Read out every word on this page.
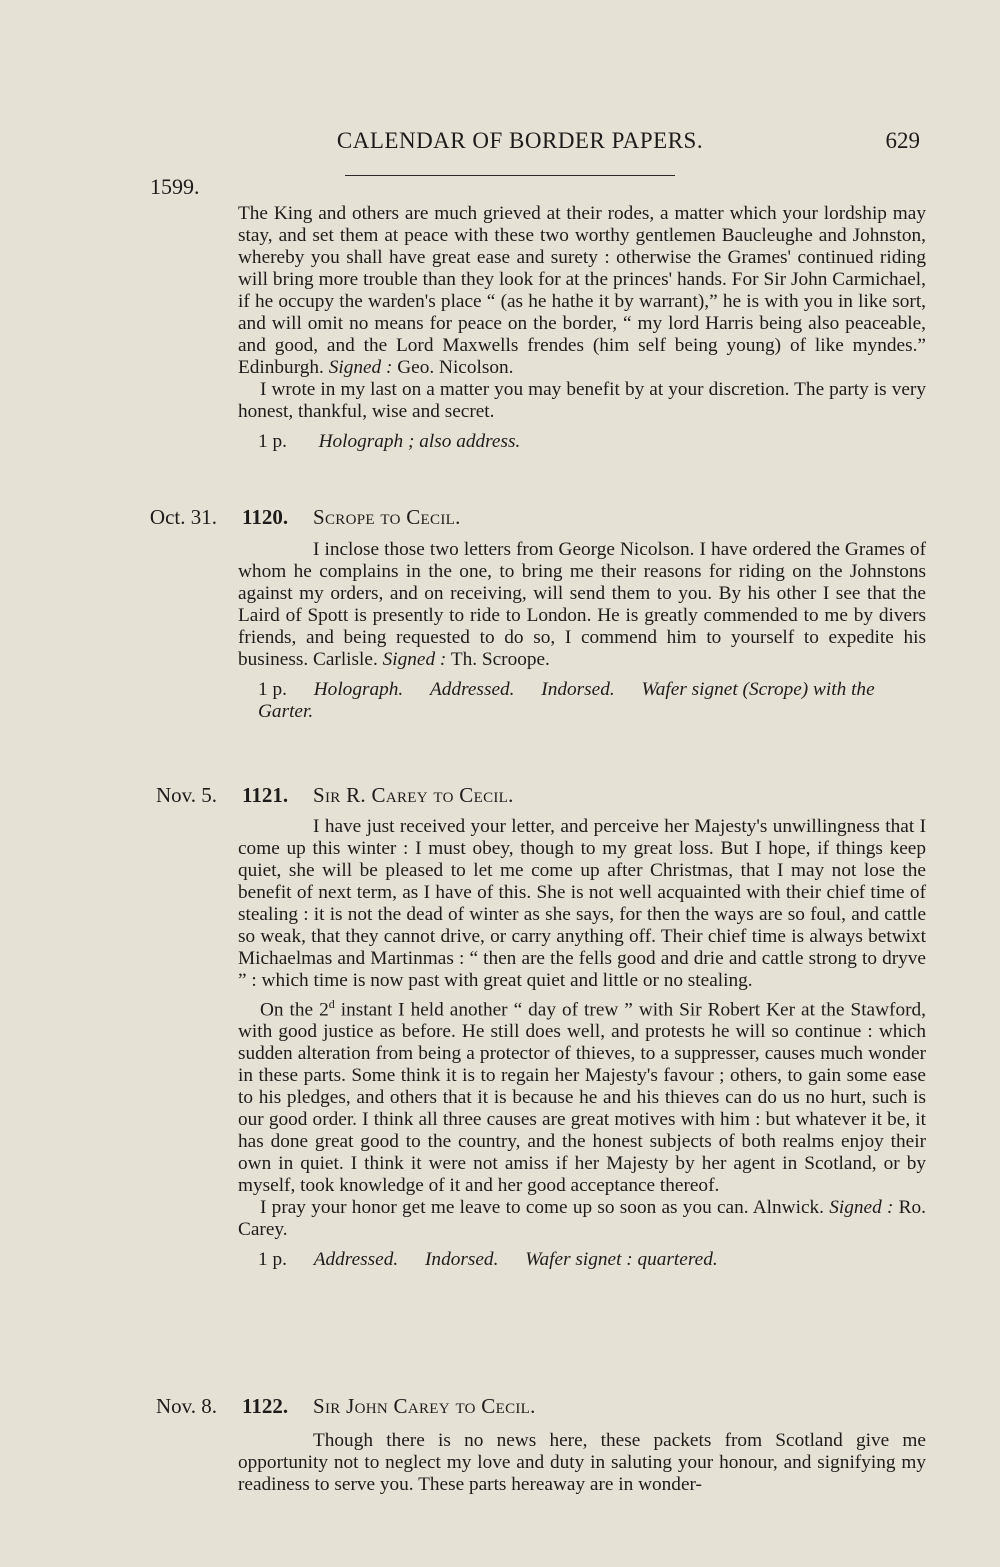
CALENDAR OF BORDER PAPERS.	629
1599.

The King and others are much grieved at their rodes, a matter which your lordship may stay, and set them at peace with these two worthy gentlemen Baucleughe and Johnston, whereby you shall have great ease and surety : otherwise the Grames' continued riding will bring more trouble than they look for at the princes' hands. For Sir John Carmichael, if he occupy the warden's place “ (as he hathe it by warrant),” he is with you in like sort, and will omit no means for peace on the border, “ my lord Harris being also peaceable, and good, and the Lord Maxwells frendes (him self being young) of like myndes.” Edinburgh. Signed : Geo. Nicolson.

I wrote in my last on a matter you may benefit by at your discretion. The party is very honest, thankful, wise and secret.

1 p. Holograph ; also address.
Oct. 31. 1120. Scrope to Cecil.

I inclose those two letters from George Nicolson. I have ordered the Grames of whom he complains in the one, to bring me their reasons for riding on the Johnstons against my orders, and on receiving, will send them to you. By his other I see that the Laird of Spott is presently to ride to London. He is greatly commended to me by divers friends, and being requested to do so, I commend him to yourself to expedite his business. Carlisle. Signed : Th. Scroope.

1 p. Holograph. Addressed. Indorsed. Wafer signet (Scrope) with the Garter.
Nov. 5. 1121. Sir R. Carey to Cecil.

I have just received your letter, and perceive her Majesty's unwillingness that I come up this winter : I must obey, though to my great loss. But I hope, if things keep quiet, she will be pleased to let me come up after Christmas, that I may not lose the benefit of next term, as I have of this. She is not well acquainted with their chief time of stealing : it is not the dead of winter as she says, for then the ways are so foul, and cattle so weak, that they cannot drive, or carry anything off. Their chief time is always betwixt Michaelmas and Martinmas : “ then are the fells good and drie and cattle strong to dryve ” : which time is now past with great quiet and little or no stealing.

On the 2$^d$ instant I held another “ day of trew ” with Sir Robert Ker at the Stawford, with good justice as before. He still does well, and protests he will so continue : which sudden alteration from being a protector of thieves, to a suppresser, causes much wonder in these parts. Some think it is to regain her Majesty's favour ; others, to gain some ease to his pledges, and others that it is because he and his thieves can do us no hurt, such is our good order. I think all three causes are great motives with him : but whatever it be, it has done great good to the country, and the honest subjects of both realms enjoy their own in quiet. I think it were not amiss if her Majesty by her agent in Scotland, or by myself, took knowledge of it and her good acceptance thereof.

I pray your honor get me leave to come up so soon as you can. Alnwick. Signed : Ro. Carey.

1 p. Addressed. Indorsed. Wafer signet : quartered.
Nov. 8. 1122. Sir John Carey to Cecil.

Though there is no news here, these packets from Scotland give me opportunity not to neglect my love and duty in saluting your honour, and signifying my readiness to serve you. These parts hereaway are in wonder-
